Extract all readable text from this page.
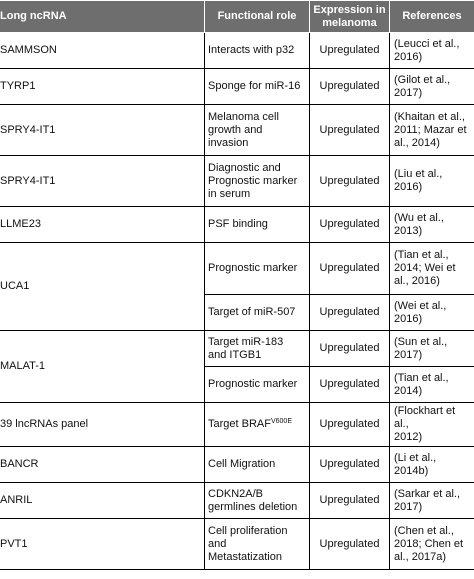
Long ncRNA	Functional role	Expression in melanoma	References
SAMMSON	Interacts with p32	Upregulated	(Leucci et al.,
2016)

TYRP1	Sponge for miR-16	Upregulated	(Gilot et al.,
2017)

SPRY4-IT1	Melanoma cell
growth and
invasion	Upregulated	(Khaitan et al.,
2011; Mazar et
al., 2014)

SPRY4-IT1	Diagnostic and
Prognostic marker
in serum	Upregulated	(Liu et al.,
2016)

LLME23	PSF binding	Upregulated	(Wu et al.,
2013)

UCA1	Prognostic marker	Upregulated	(Tian et al.,
2014; Wei et
al., 2016)

	Target of miR-507	Upregulated	(Wei et al.,
2016)

MALAT-1	Target miR-183
and ITGB1	Upregulated	(Sun et al.,
2017)

	Prognostic marker	Upregulated	(Tian et al.,
2014)

39 lncRNAs panel	Target $BRAF^{V600E}$	Upregulated	(Flockhart et al.,
2012)

BANCR	Cell Migration	Upregulated	(Li et al.,
2014b)

ANRIL	CDKN2A/B
germlines deletion	Upregulated	(Sarkar et al.,
2017)

PVT1	Cell proliferation
and
Metastatization	Upregulated	(Chen et al.,
2018; Chen et
al., 2017a)
